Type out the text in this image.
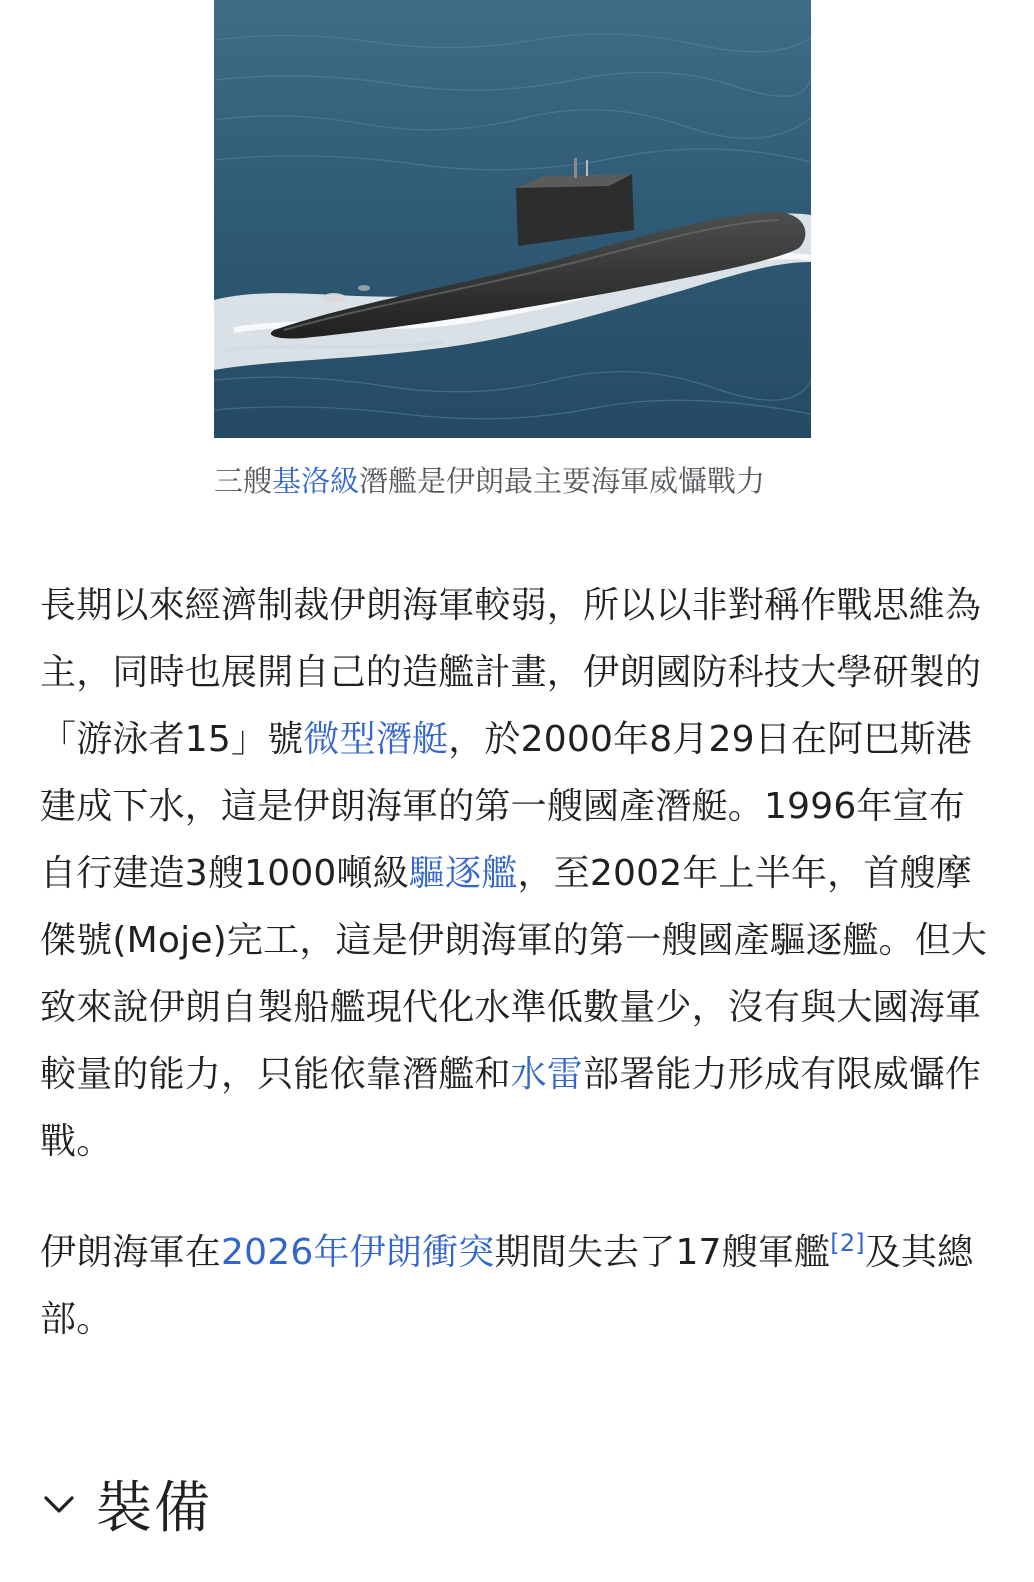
三艘基洛級潛艦是伊朗最主要海軍威懾戰力

長期以來經濟制裁伊朗海軍較弱，所以以非對稱作戰思維為主，同時也展開自己的造艦計畫，伊朗國防科技大學研製的「游泳者15」號微型潛艇，於2000年8月29日在阿巴斯港建成下水，這是伊朗海軍的第一艘國產潛艇。1996年宣布自行建造3艘1000噸級驅逐艦，至2002年上半年，首艘摩傑號(Moje)完工，這是伊朗海軍的第一艘國產驅逐艦。但大致來說伊朗自製船艦現代化水準低數量少，沒有與大國海軍較量的能力，只能依靠潛艦和水雷部署能力形成有限威懾作戰。

伊朗海軍在2026年伊朗衝突期間失去了17艘軍艦[2]及其總部。

裝備
